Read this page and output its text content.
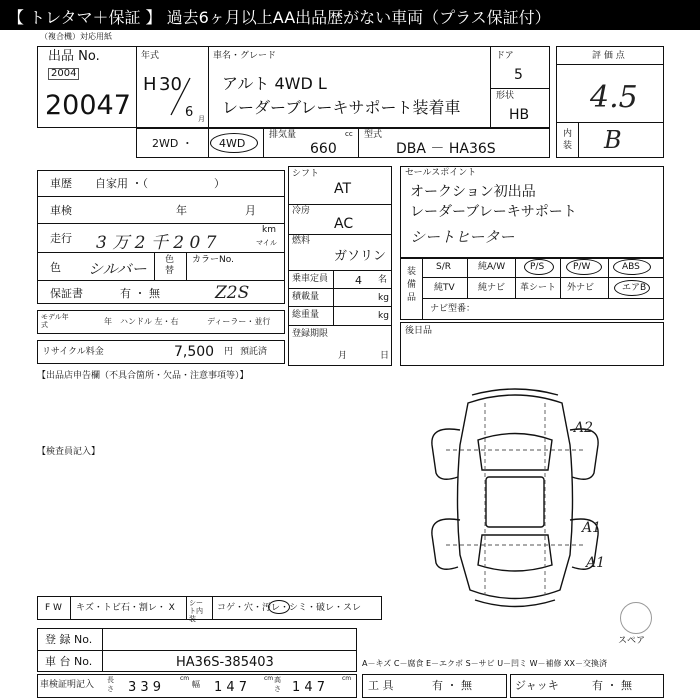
【 トレタマ＋保証 】 過去6ヶ月以上AA出品歴がない車両（プラス保証付）
（複合機）対応用紙
出品 No.
2004
20047
年式
H 30
6 月
車名・グレード
アルト 4WD L
レーダーブレーキサポート装着車
ドア
5
形状
HB
評 価 点
4.5
内装 B
2WD ・ 4WD
排気量	cc
660
型式
DBA － HA36S
車歴 自家用 ・（　　　　　　）
車検	年	月
走行 3 万 2 千 2 0 7
km
マイル
色 シルバー 色替
カラーNo.
保証書	有 ・ 無	Z2S
モデル年式	年 ハンドル 左・右	ディーラー・並行
リサイクル料金	7,500 円 預託済
シフト
AT
冷房
AC
燃料
ガソリン
乗車定員 4 名
積載量	kg
総重量	kg
登録期限
月	日
セールスポイント
オークション初出品
レーダーブレーキサポート
シートヒーター
装備品
S/R	純A/W	P/S	P/W	ABS
純TV	純ナビ 革シート 外ナビ	エアB
ナビ型番：
後日品
【出品店申告欄（不具合箇所・欠品・注意事項等）】
【検査員記入】
A2
A1
A1
スペア
F W キズ・トビ石・割レ・ X シート内装
コゲ・穴・汚レ・シミ・破レ・スレ
登 録 No.
車 台 No.	HA36S-385403	A－キズ C－腐食 E－エクボ S－サビ U－凹ミ W－補修 XX－交換済
車検証明記入 長さ 3 3 9
cm
幅 1 4 7
cm 高さ 1 4 7
cm
工 具	有 ・ 無	ジャッキ	有 ・ 無
